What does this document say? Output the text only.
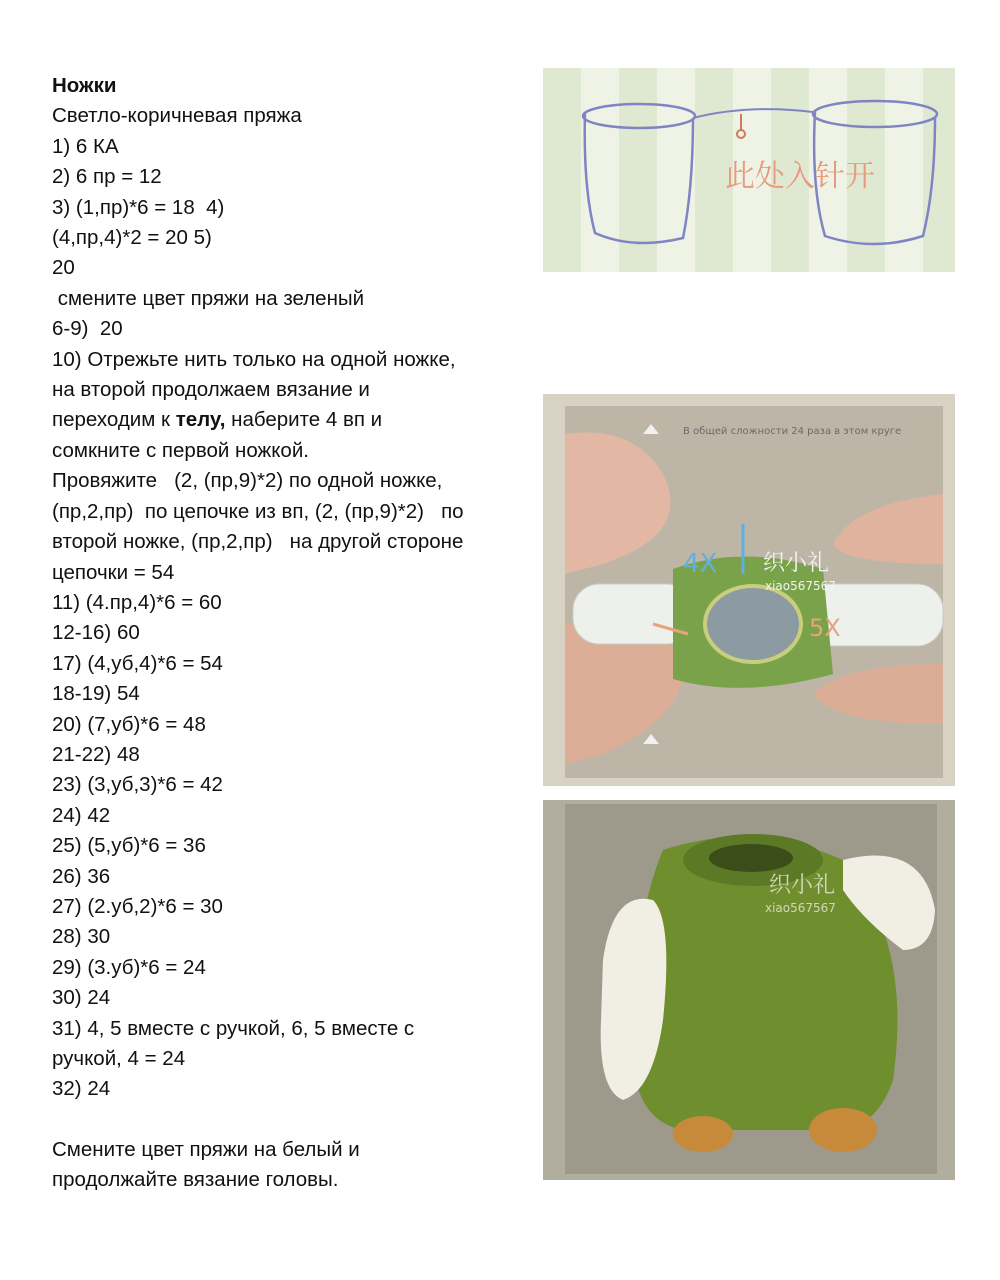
Ножки
Светло-коричневая пряжа
1) 6 КА
2) 6 пр = 12
3) (1,пр)*6 = 18  4)
(4,пр,4)*2 = 20 5)
20
смените цвет пряжи на зеленый
6-9)  20
10) Отрежьте нить только на одной ножке,
на второй продолжаем вязание и
переходим к телу, наберите 4 вп и
сомкните с первой ножкой.
Провяжите   (2, (пр,9)*2) по одной ножке,
(пр,2,пр)  по цепочке из вп, (2, (пр,9)*2)   по
второй ножке, (пр,2,пр)   на другой стороне
цепочки = 54
11) (4.пр,4)*6 = 60
12-16) 60
17) (4,уб,4)*6 = 54
18-19) 54
20) (7,уб)*6 = 48
21-22) 48
23) (3,уб,3)*6 = 42
24) 42
25) (5,уб)*6 = 36
26) 36
27) (2.уб,2)*6 = 30
28) 30
29) (3.уб)*6 = 24
30) 24
31) 4, 5 вместе с ручкой, 6, 5 вместе с
ручкой, 4 = 24
32) 24
Смените цвет пряжи на белый и
продолжайте вязание головы.
此处入针开
В общей сложности 24 раза в этом круге
4X
5X
织小礼
xiao567567
织小礼
xiao567567
